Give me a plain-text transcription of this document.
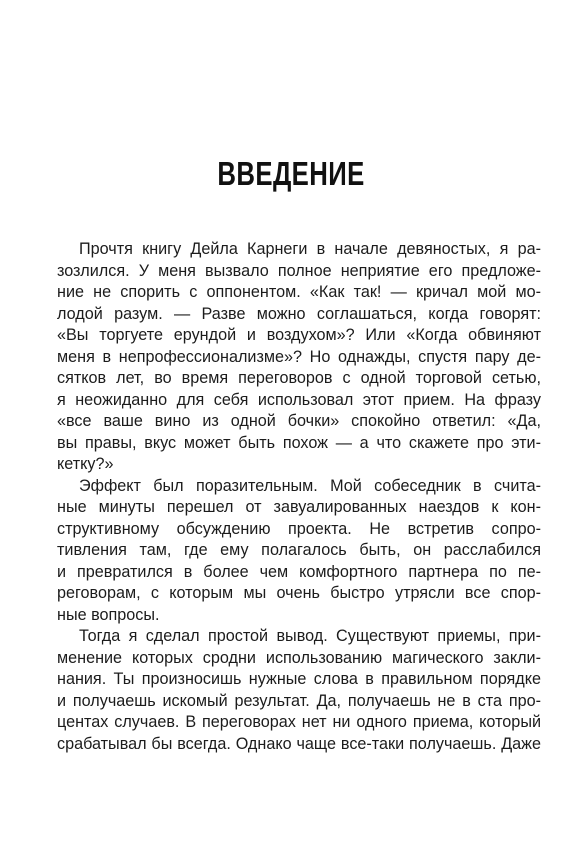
ВВЕДЕНИЕ
Прочтя книгу Дейла Карнеги в начале девяностых, я ра-
зозлился. У меня вызвало полное неприятие его предложе-
ние не спорить с оппонентом. «Как так! — кричал мой мо-
лодой разум. — Разве можно соглашаться, когда говорят:
«Вы торгуете ерундой и воздухом»? Или «Когда обвиняют
меня в непрофессионализме»? Но однажды, спустя пару де-
сятков лет, во время переговоров с одной торговой сетью,
я неожиданно для себя использовал этот прием. На фразу
«все ваше вино из одной бочки» спокойно ответил: «Да,
вы правы, вкус может быть похож — а что скажете про эти-
кетку?»
Эффект был поразительным. Мой собеседник в счита-
ные минуты перешел от завуалированных наездов к кон-
структивному обсуждению проекта. Не встретив сопро-
тивления там, где ему полагалось быть, он расслабился
и превратился в более чем комфортного партнера по пе-
реговорам, с которым мы очень быстро утрясли все спор-
ные вопросы.
Тогда я сделал простой вывод. Существуют приемы, при-
менение которых сродни использованию магического закли-
нания. Ты произносишь нужные слова в правильном порядке
и получаешь искомый результат. Да, получаешь не в ста про-
центах случаев. В переговорах нет ни одного приема, который
срабатывал бы всегда. Однако чаще все-таки получаешь. Даже
